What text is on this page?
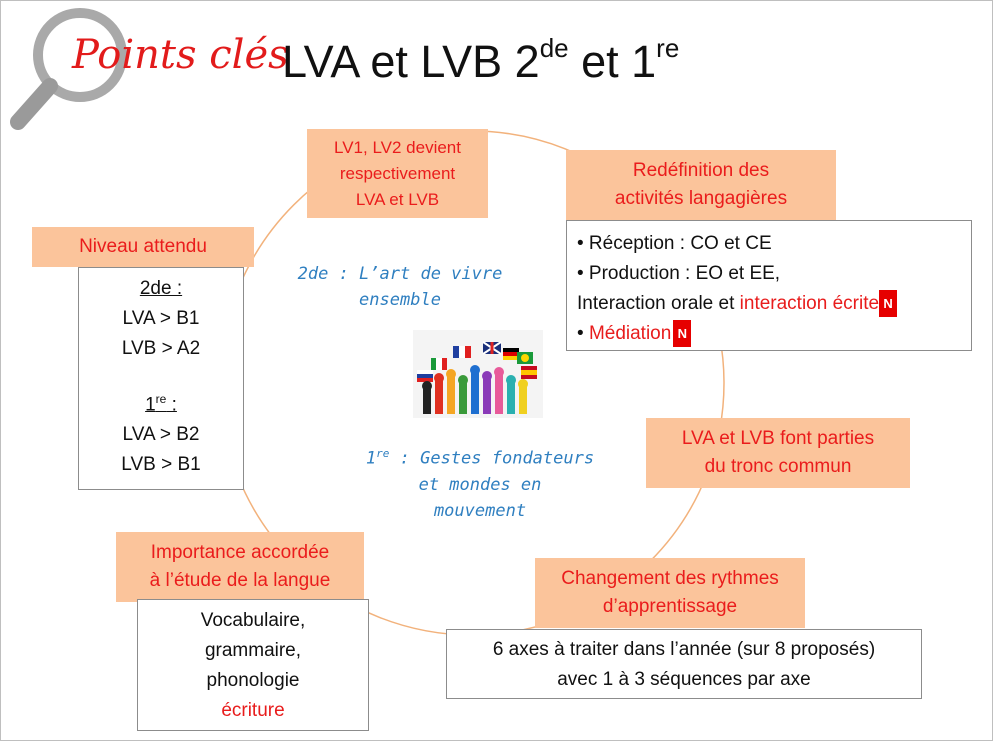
Points clés
LVA et LVB 2de et 1re
LV1, LV2 devient
respectivement
LVA et LVB
Redéfinition des
activités langagières
• Réception : CO et CE
• Production : EO et EE,
Interaction orale et interaction écrite N
• Médiation N
LVA et LVB font parties
du tronc commun
Changement des rythmes
d’apprentissage
6 axes à traiter dans l’année (sur 8 proposés)
avec 1 à 3 séquences par axe
Importance accordée
à l’étude de la langue
Vocabulaire,
grammaire,
phonologie
écriture
Niveau attendu
2de :
LVA > B1
LVB > A2
1re :
LVA > B2
LVB > B1
2de : L’art de vivre
ensemble
1re : Gestes fondateurs
et mondes en
mouvement
